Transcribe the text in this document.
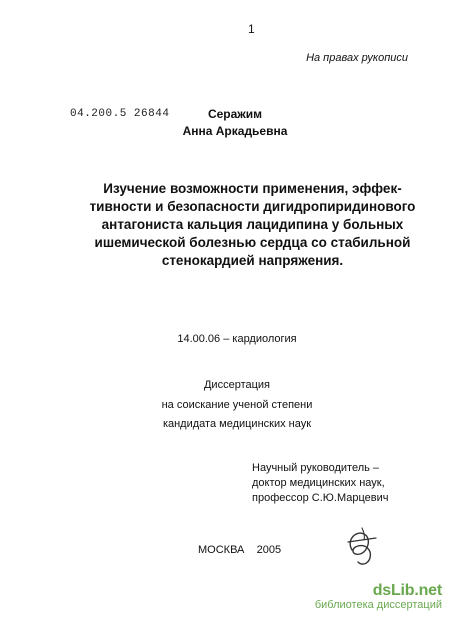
1
На правах рукописи
04.200.5 26844	Серажим
Анна Аркадьевна
Изучение возможности применения, эффек-
тивности и безопасности дигидропиридинового
антагониста кальция лацидипина у больных
ишемической болезнью сердца со стабильной
стенокардией напряжения.
14.00.06 – кардиология
Диссертация
на соискание ученой степени
кандидата медицинских наук
Научный руководитель –
доктор медицинских наук,
профессор С.Ю.Марцевич
МОСКВА    2005
dsLib.net
библиотека диссертаций
